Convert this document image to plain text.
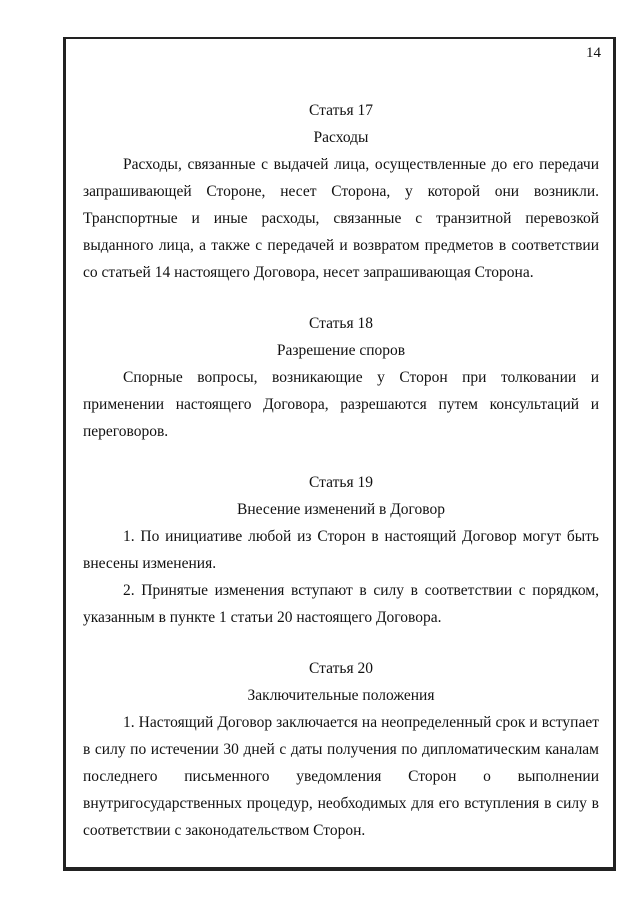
14

Статья 17

Расходы

Расходы, связанные с выдачей лица, осуществленные до его передачи запрашивающей Стороне, несет Сторона, у которой они возникли. Транспортные и иные расходы, связанные с транзитной перевозкой выданного лица, а также с передачей и возвратом предметов в соответствии со статьей 14 настоящего Договора, несет запрашивающая Сторона.

Статья 18

Разрешение споров

Спорные вопросы, возникающие у Сторон при толковании и применении настоящего Договора, разрешаются путем консультаций и переговоров.

Статья 19

Внесение изменений в Договор

1. По инициативе любой из Сторон в настоящий Договор могут быть внесены изменения.

2. Принятые изменения вступают в силу в соответствии с порядком, указанным в пункте 1 статьи 20 настоящего Договора.

Статья 20

Заключительные положения

1. Настоящий Договор заключается на неопределенный срок и вступает в силу по истечении 30 дней с даты получения по дипломатическим каналам последнего письменного уведомления Сторон о выполнении внутригосударственных процедур, необходимых для его вступления в силу в соответствии с законодательством Сторон.
